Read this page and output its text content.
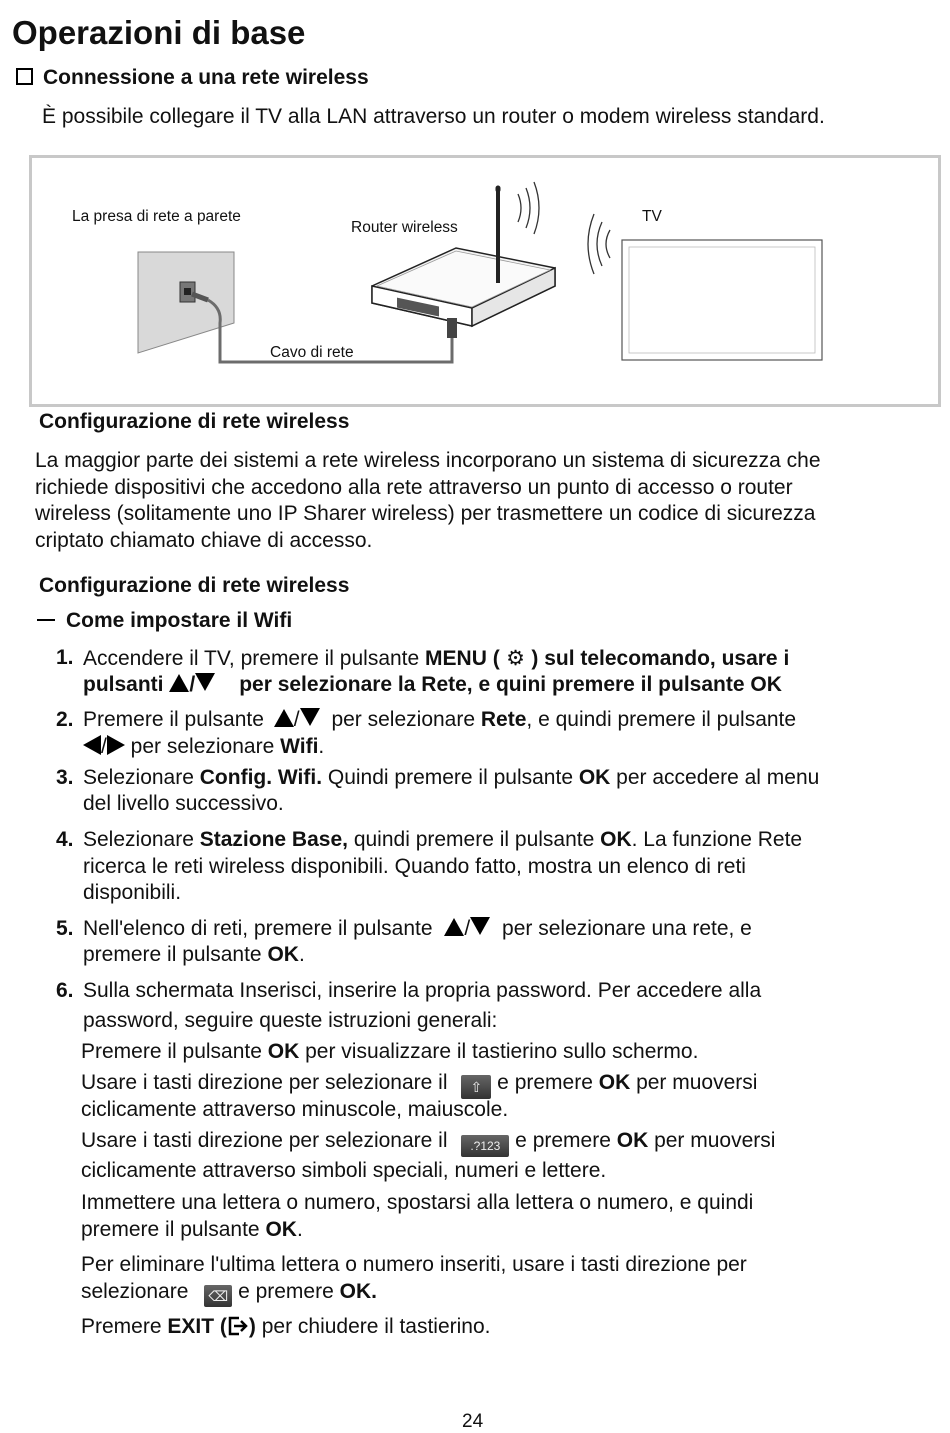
Operazioni di base
Connessione a una rete wireless
È possibile collegare il TV alla LAN attraverso un router o modem wireless standard.
La presa di rete a parete
Router wireless
TV
Cavo di rete
Configurazione di rete wireless
La maggior parte dei sistemi a rete wireless incorporano un sistema di sicurezza che
richiede dispositivi che accedono alla rete attraverso un punto di accesso o router
wireless (solitamente uno IP Sharer wireless) per trasmettere un codice di sicurezza
criptato chiamato chiave di accesso.
Configurazione di rete wireless
Come impostare il Wifi
1. Accendere il TV, premere il pulsante MENU ( ⚙ ) sul telecomando, usare i
pulsanti / per selezionare la Rete, e quini premere il pulsante OK
2. Premere il pulsante / per selezionare Rete, e quindi premere il pulsante
/ per selezionare Wifi.
3. Selezionare Config. Wifi. Quindi premere il pulsante OK per accedere al menu
del livello successivo.
4. Selezionare Stazione Base, quindi premere il pulsante OK. La funzione Rete
ricerca le reti wireless disponibili. Quando fatto, mostra un elenco di reti
disponibili.
5. Nell'elenco di reti, premere il pulsante / per selezionare una rete, e
premere il pulsante OK.
6. Sulla schermata Inserisci, inserire la propria password. Per accedere alla
password, seguire queste istruzioni generali:
Premere il pulsante OK per visualizzare il tastierino sullo schermo.
Usare i tasti direzione per selezionare il ⇧ e premere OK per muoversi
ciclicamente attraverso minuscole, maiuscole.
Usare i tasti direzione per selezionare il .?123 e premere OK per muoversi
ciclicamente attraverso simboli speciali, numeri e lettere.
Immettere una lettera o numero, spostarsi alla lettera o numero, e quindi
premere il pulsante OK.
Per eliminare l'ultima lettera o numero inseriti, usare i tasti direzione per
selezionare ⌫ e premere OK.
Premere EXIT ( ) per chiudere il tastierino.
24
